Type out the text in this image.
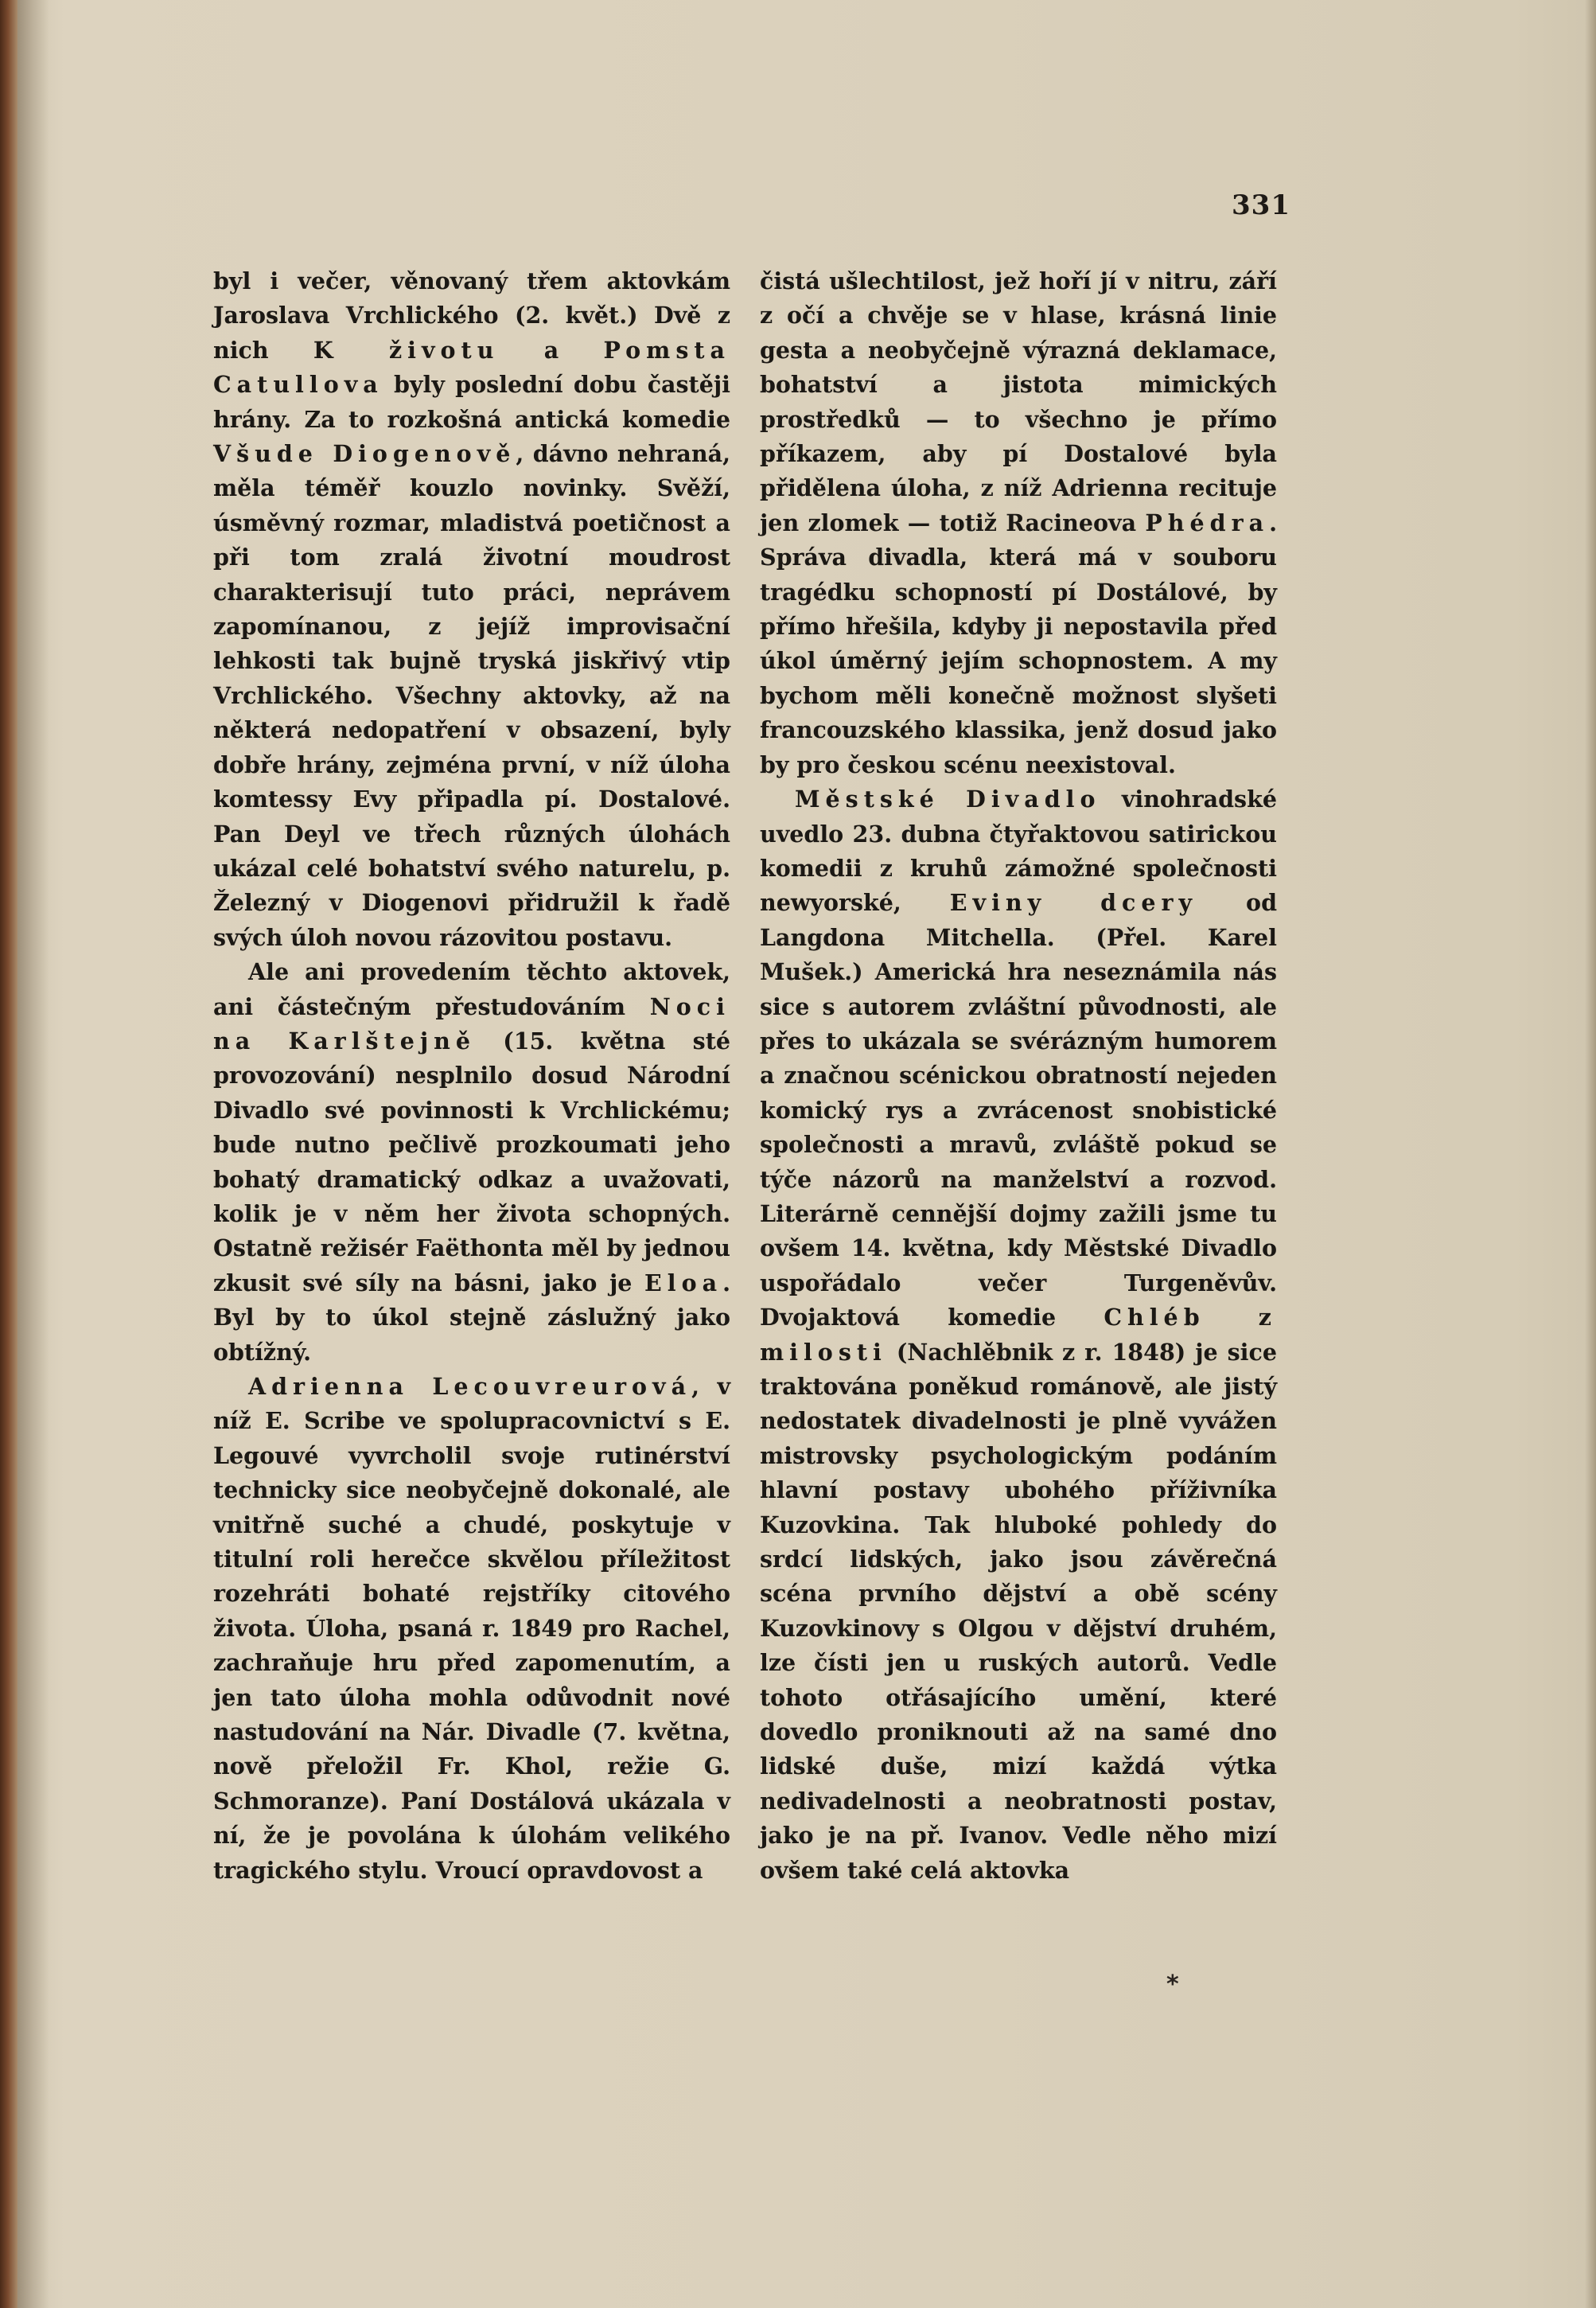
331

byl i večer, věnovaný třem aktovkám Jaroslava Vrchlického (2. květ.) Dvě z nich K životu a Pomsta Catullova byly poslední dobu častěji hrány. Za to rozkošná antická komedie Všude Diogenově, dávno nehraná, měla téměř kouzlo novinky. Svěží, úsměvný rozmar, mladistvá poetičnost a při tom zralá životní moudrost charakterisují tuto práci, neprávem zapomínanou, z jejíž improvisační lehkosti tak bujně tryská jiskřivý vtip Vrchlického. Všechny aktovky, až na některá nedopatření v obsazení, byly dobře hrány, zejména první, v níž úloha komtessy Evy připadla pí. Dostalové. Pan Deyl ve třech různých úlohách ukázal celé bohatství svého naturelu, p. Železný v Diogenovi přidružil k řadě svých úloh novou rázovitou postavu.

Ale ani provedením těchto aktovek, ani částečným přestudováním Noci na Karlštejně (15. května sté provozování) nesplnilo dosud Národní Divadlo své povinnosti k Vrchlickému; bude nutno pečlivě prozkoumati jeho bohatý dramatický odkaz a uvažovati, kolik je v něm her života schopných. Ostatně režisér Faëthonta měl by jednou zkusit své síly na básni, jako je Eloa. Byl by to úkol stejně záslužný jako obtížný.

Adrienna Lecouvreurová, v níž E. Scribe ve spolupracovnictví s E. Legouvé vyvrcholil svoje rutinérství technicky sice neobyčejně dokonalé, ale vnitřně suché a chudé, poskytuje v titulní roli herečce skvělou příležitost rozehráti bohaté rejstříky citového života. Úloha, psaná r. 1849 pro Rachel, zachraňuje hru před zapomenutím, a jen tato úloha mohla odůvodnit nové nastudování na Nár. Divadle (7. května, nově přeložil Fr. Khol, režie G. Schmoranze). Paní Dostálová ukázala v ní, že je povolána k úlohám velikého tragického stylu. Vroucí opravdovost a

čistá ušlechtilost, jež hoří jí v nitru, září z očí a chvěje se v hlase, krásná linie gesta a neobyčejně výrazná deklamace, bohatství a jistota mimických prostředků — to všechno je přímo příkazem, aby pí Dostalové byla přidělena úloha, z níž Adrienna recituje jen zlomek — totiž Racineova Phédra. Správa divadla, která má v souboru tragédku schopností pí Dostálové, by přímo hřešila, kdyby ji nepostavila před úkol úměrný jejím schopnostem. A my bychom měli konečně možnost slyšeti francouzského klassika, jenž dosud jako by pro českou scénu neexistoval.

Městské Divadlo vinohradské uvedlo 23. dubna čtyřaktovou satirickou komedii z kruhů zámožné společnosti newyorské, Eviny dcery od Langdona Mitchella. (Přel. Karel Mušek.) Americká hra neseznámila nás sice s autorem zvláštní původnosti, ale přes to ukázala se svérázným humorem a značnou scénickou obratností nejeden komický rys a zvrácenost snobistické společnosti a mravů, zvláště pokud se týče názorů na manželství a rozvod. Literárně cennější dojmy zažili jsme tu ovšem 14. května, kdy Městské Divadlo uspořádalo večer Turgeněvův. Dvojaktová komedie Chléb z milosti (Nachlěbnik z r. 1848) je sice traktována poněkud románově, ale jistý nedostatek divadelnosti je plně vyvážen mistrovsky psychologickým podáním hlavní postavy ubohého příživníka Kuzovkina. Tak hluboké pohledy do srdcí lidských, jako jsou závěrečná scéna prvního dějství a obě scény Kuzovkinovy s Olgou v dějství druhém, lze čísti jen u ruských autorů. Vedle tohoto otřásajícího umění, které dovedlo proniknouti až na samé dno lidské duše, mizí každá výtka nedivadelnosti a neobratnosti postav, jako je na př. Ivanov. Vedle něho mizí ovšem také celá aktovka

*
